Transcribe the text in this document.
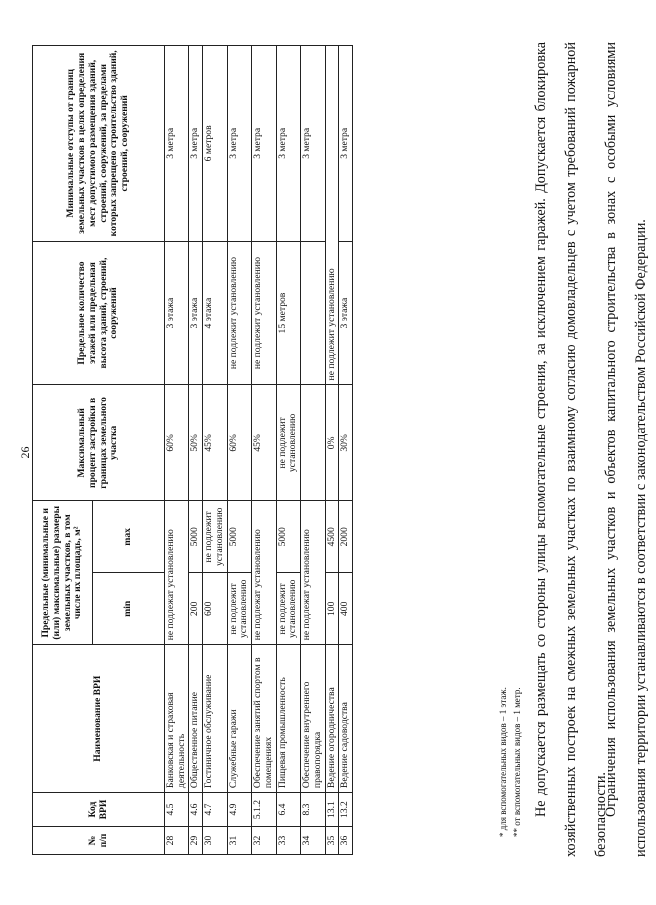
26
№ п/п	Код ВРИ	Наименование ВРИ	Предельные (минимальные и (или) максимальные) размеры земельных участков, в том числе их площадь, м²		Максимальный процент застройки в границах земельного участка	Предельное количество этажей или предельная высота зданий, строений, сооружений	Минимальные отступы от границ земельных участков в целях определения мест допустимого размещения зданий, строений, сооружений, за пределами которых запрещено строительство зданий, строений, сооружений
			min	max			
28	4.5	Банковская и страховая деятельность	не подлежат установлению		60%	3 этажа	3 метра
29	4.6	Общественное питание	200	5000	50%	3 этажа	3 метра
30	4.7	Гостиничное обслуживание	600	не подлежит установлению	45%	4 этажа	6 метров
31	4.9	Служебные гаражи	не подлежит установлению	5000	60%	не подлежит установлению	3 метра
32	5.1.2	Обеспечение занятий спортом в помещениях	не подлежат установлению		45%	не подлежит установлению	3 метра
33	6.4	Пищевая промышленность	не подлежит установлению	5000	не подлежит установлению	15 метров	3 метра
34	8.3	Обеспечение внутреннего правопорядка	не подлежат установлению				3 метра
35	13.1	Ведение огородничества	100	4500	0%	не подлежит установлению	
36	13.2	Ведение садоводства	400	2000	30%	3 этажа	3 метра
* для вспомогательных видов – 1 этаж. ** от вспомогательных видов – 1 метр. Не допускается размещать со стороны улицы вспомогательные строения, за исключением гаражей. Допускается блокировка хозяйственных построек на смежных земельных участках по взаимному согласию домовладельцев с учетом требований пожарной безопасности.
Ограничения использования земельных участков и объектов капитального строительства в зонах с особыми условиями использования территории устанавливаются в соответствии с законодательством Российской Федерации.
